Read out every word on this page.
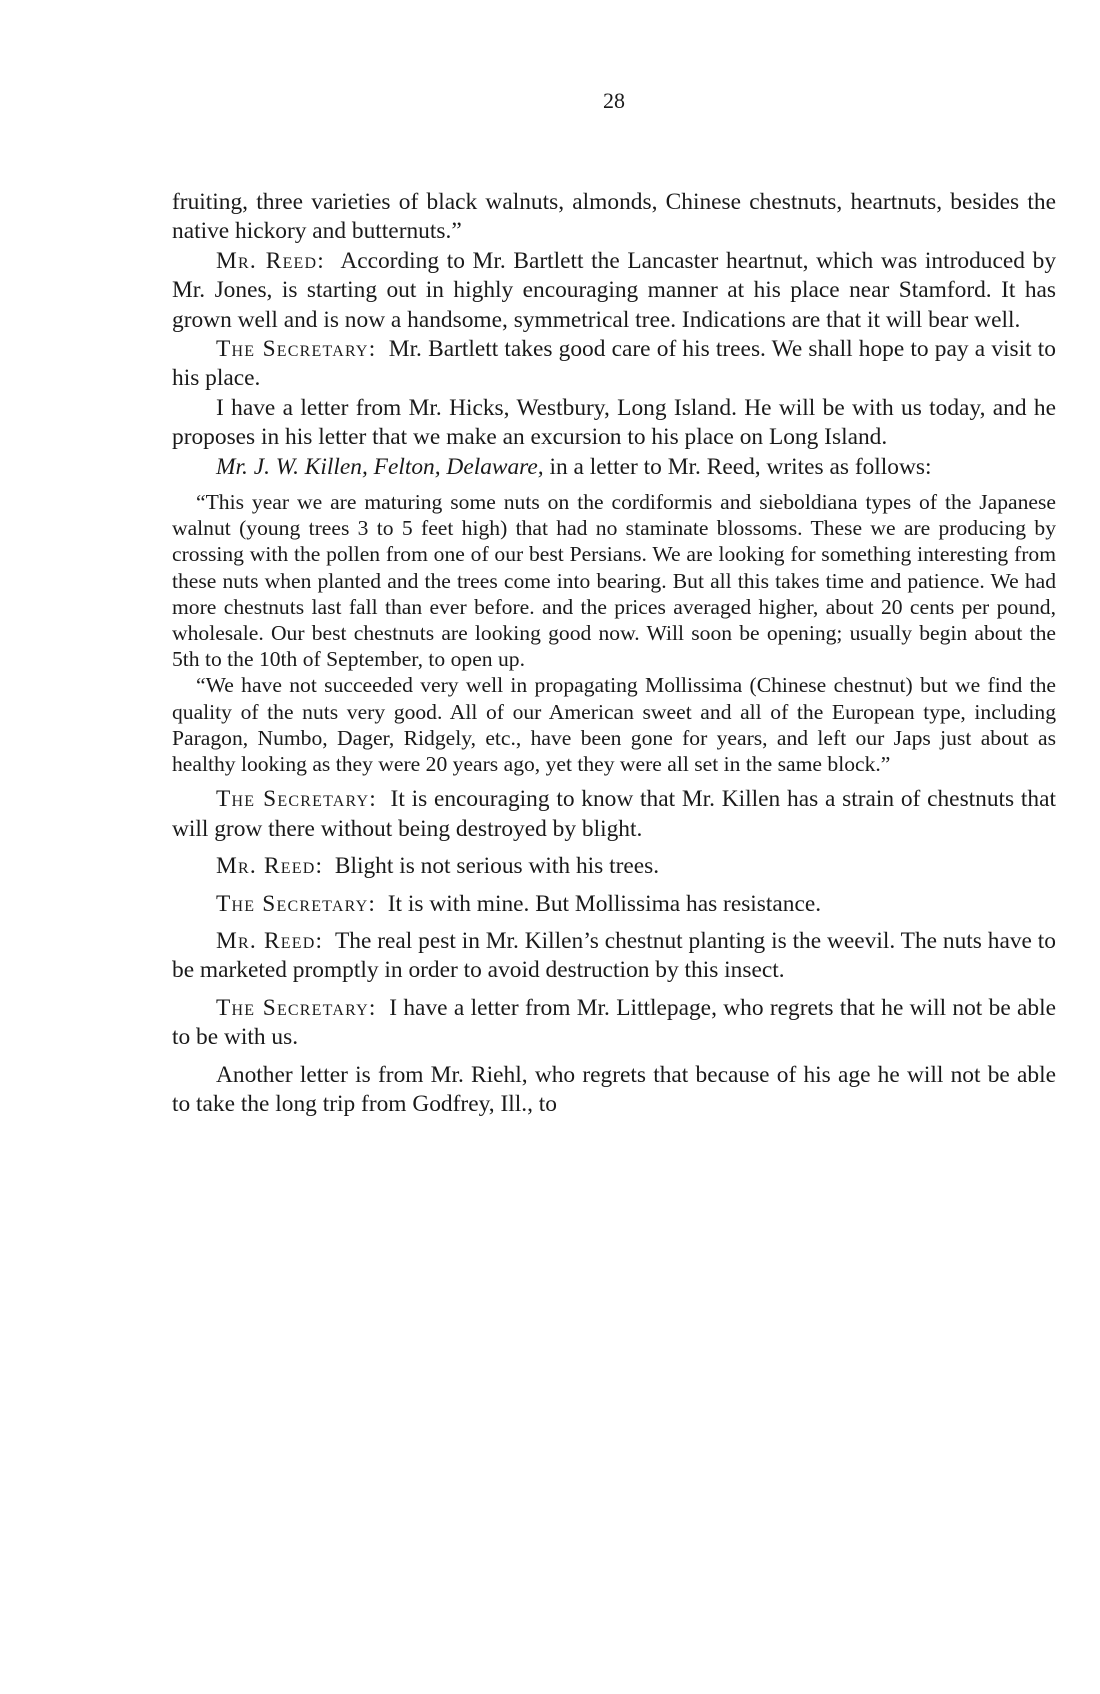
28

fruiting, three varieties of black walnuts, almonds, Chinese chestnuts, heartnuts, besides the native hickory and butternuts.”

Mr. Reed: According to Mr. Bartlett the Lancaster heartnut, which was introduced by Mr. Jones, is starting out in highly encouraging manner at his place near Stamford. It has grown well and is now a handsome, symmetrical tree. Indications are that it will bear well.

The Secretary: Mr. Bartlett takes good care of his trees. We shall hope to pay a visit to his place.

I have a letter from Mr. Hicks, Westbury, Long Island. He will be with us today, and he proposes in his letter that we make an excursion to his place on Long Island.

Mr. J. W. Killen, Felton, Delaware, in a letter to Mr. Reed, writes as follows:

“This year we are maturing some nuts on the cordiformis and sieboldiana types of the Japanese walnut (young trees 3 to 5 feet high) that had no staminate blossoms. These we are producing by crossing with the pollen from one of our best Persians. We are looking for something interesting from these nuts when planted and the trees come into bearing. But all this takes time and patience. We had more chestnuts last fall than ever before. and the prices averaged higher, about 20 cents per pound, wholesale. Our best chestnuts are looking good now. Will soon be opening; usually begin about the 5th to the 10th of September, to open up.

“We have not succeeded very well in propagating Mollissima (Chinese chestnut) but we find the quality of the nuts very good. All of our American sweet and all of the European type, including Paragon, Numbo, Dager, Ridgely, etc., have been gone for years, and left our Japs just about as healthy looking as they were 20 years ago, yet they were all set in the same block.”

The Secretary: It is encouraging to know that Mr. Killen has a strain of chestnuts that will grow there without being destroyed by blight.

Mr. Reed: Blight is not serious with his trees.

The Secretary: It is with mine. But Mollissima has resistance.

Mr. Reed: The real pest in Mr. Killen’s chestnut planting is the weevil. The nuts have to be marketed promptly in order to avoid destruction by this insect.

The Secretary: I have a letter from Mr. Littlepage, who regrets that he will not be able to be with us.

Another letter is from Mr. Riehl, who regrets that because of his age he will not be able to take the long trip from Godfrey, Ill., to
